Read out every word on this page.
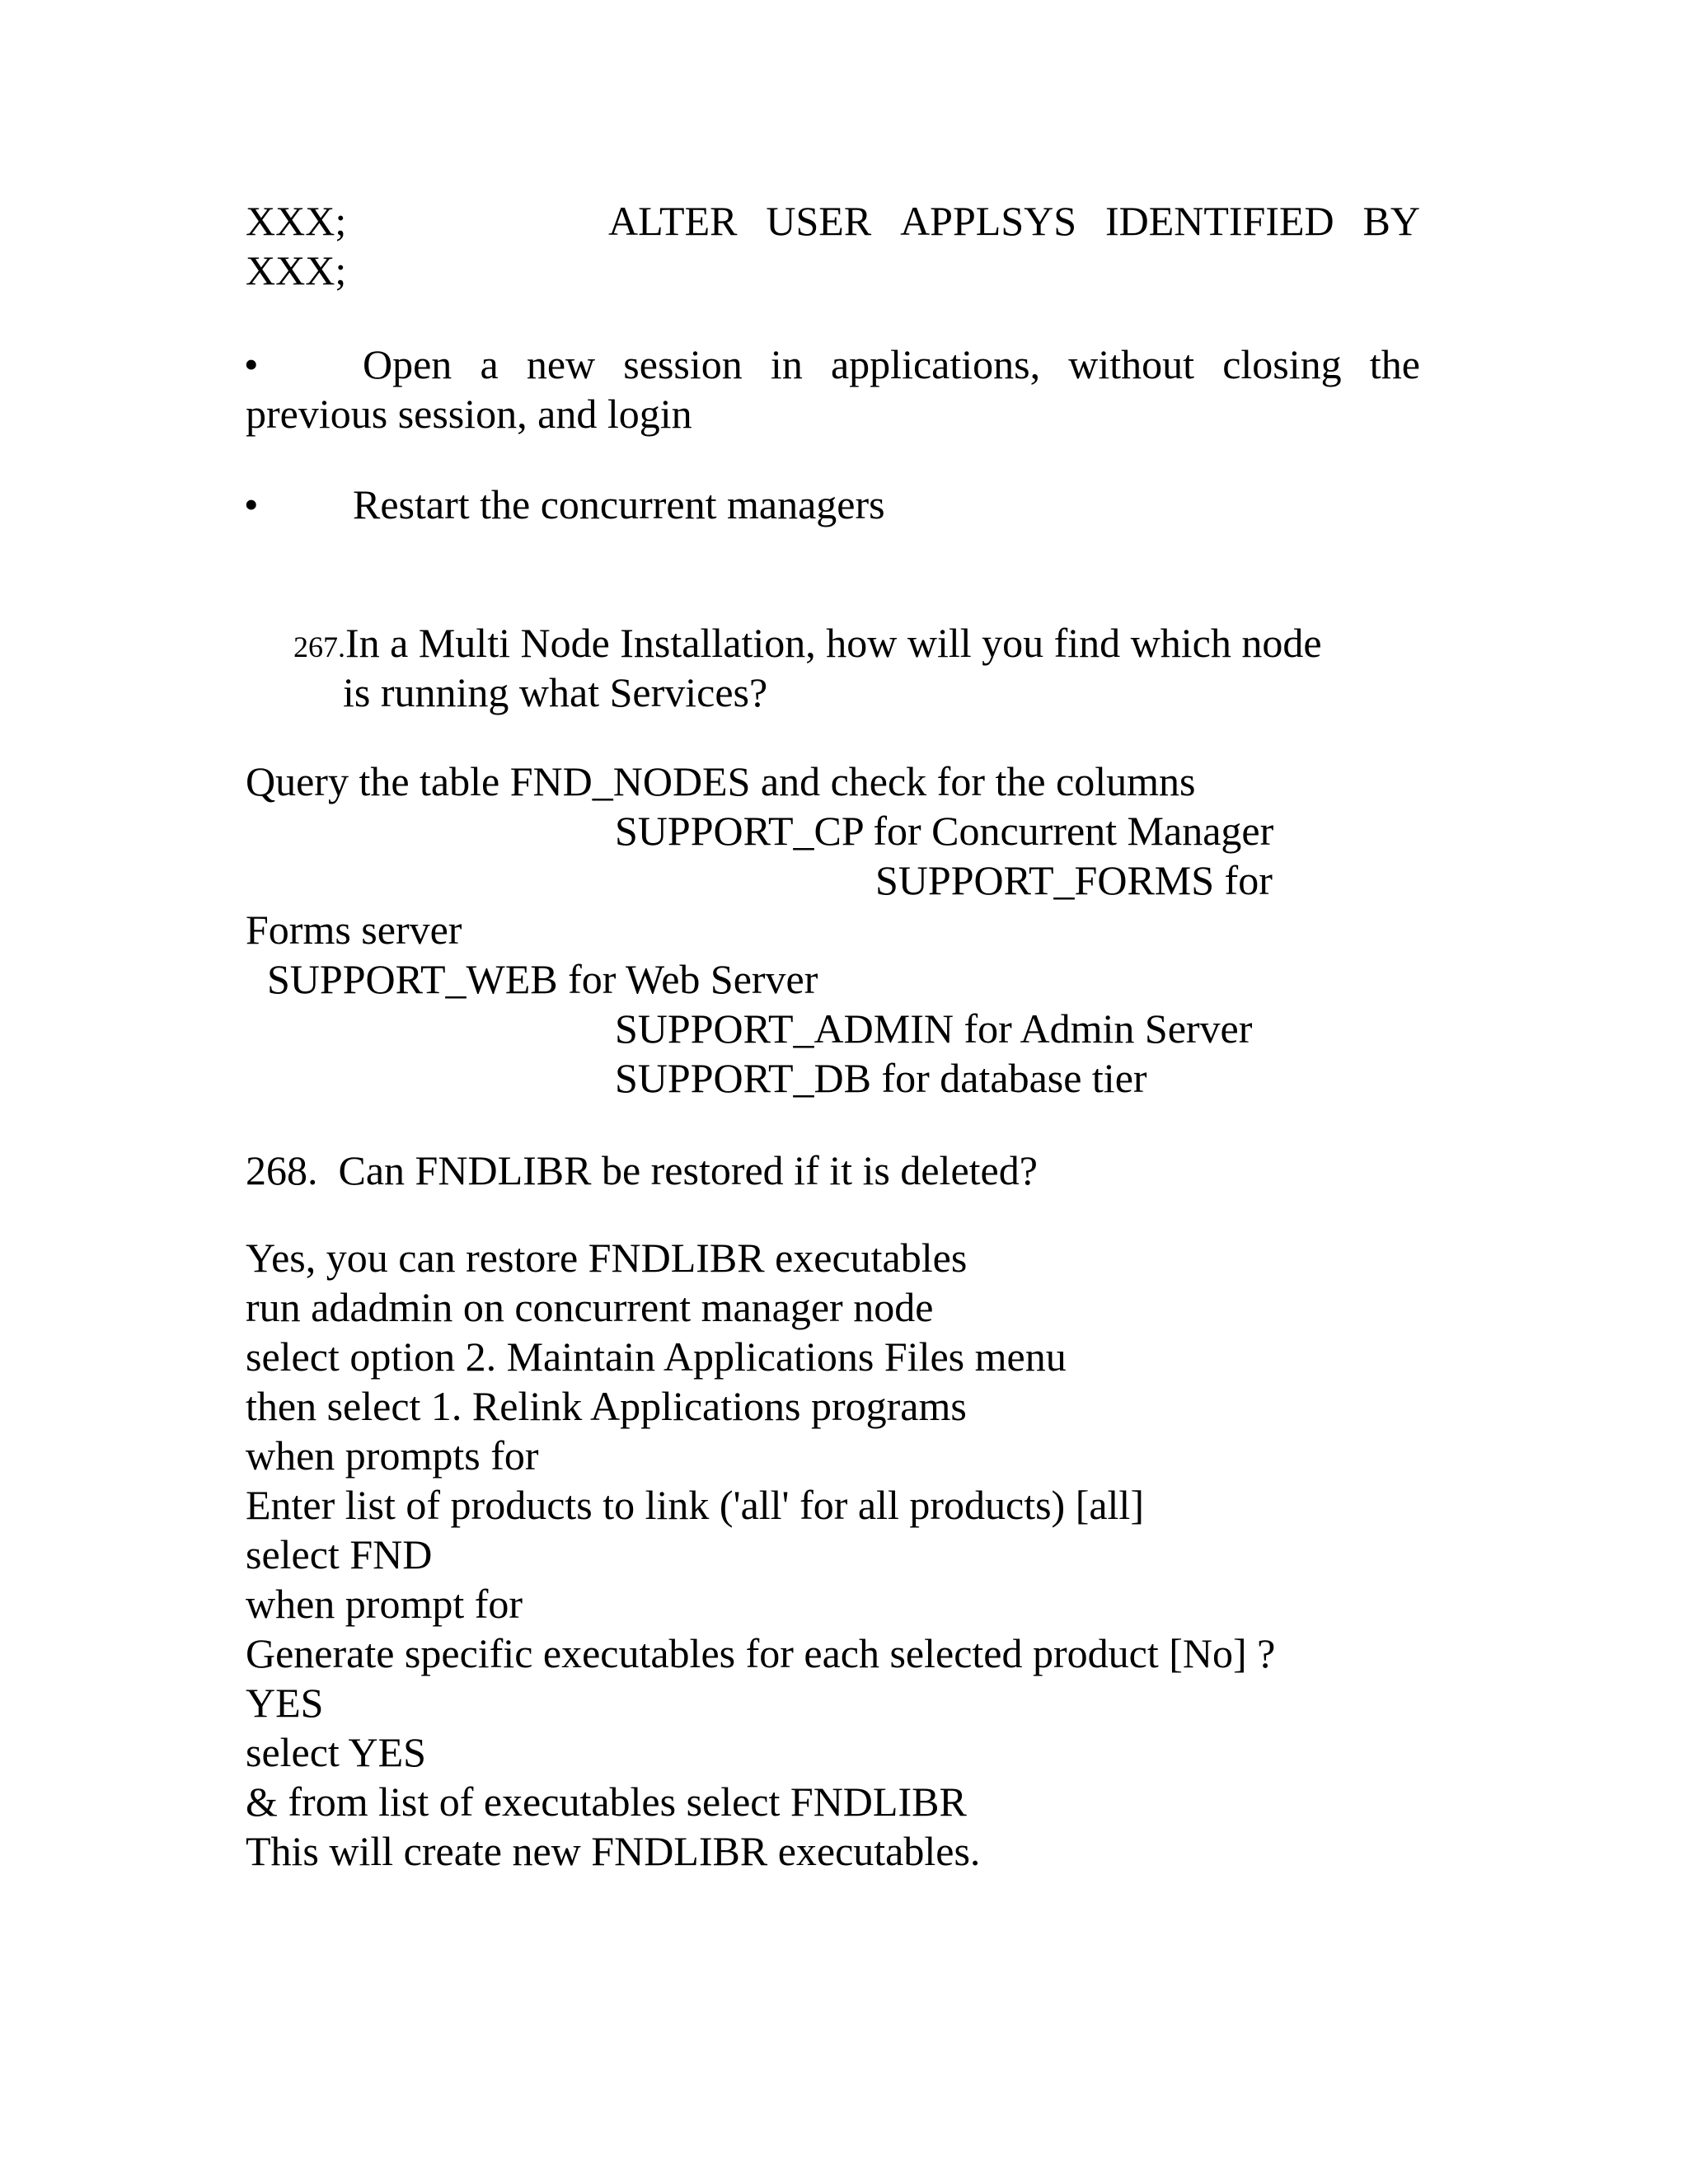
XXX;	ALTER USER APPLSYS IDENTIFIED BY
XXX;
•	Open a new session in applications, without closing the
previous session, and login
• Restart the concurrent managers
267.In a Multi Node Installation, how will you find which node
is running what Services?
Query the table FND_NODES and check for the columns
SUPPORT_CP for Concurrent Manager
SUPPORT_FORMS for
Forms server
SUPPORT_WEB for Web Server
SUPPORT_ADMIN for Admin Server
SUPPORT_DB for database tier
268.  Can FNDLIBR be restored if it is deleted?
Yes, you can restore FNDLIBR executables
run adadmin on concurrent manager node
select option 2. Maintain Applications Files menu
then select 1. Relink Applications programs
when prompts for
Enter list of products to link ('all' for all products) [all]
select FND
when prompt for
Generate specific executables for each selected product [No] ?
YES
select YES
& from list of executables select FNDLIBR
This will create new FNDLIBR executables.
